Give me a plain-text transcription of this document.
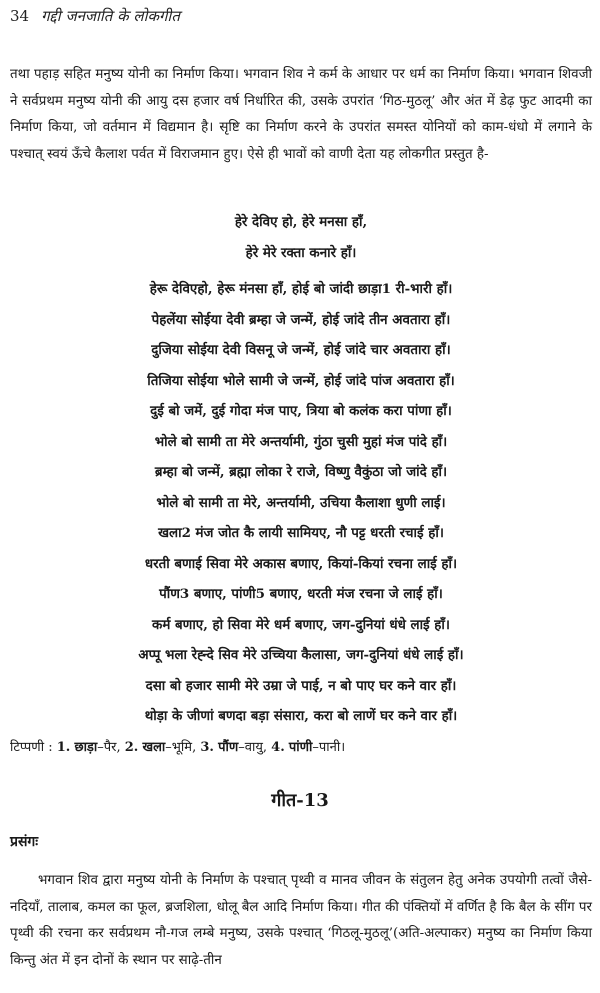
34 गद्दी जनजाति के लोकगीत
तथा पहाड़ सहित मनुष्य योनी का निर्माण किया। भगवान शिव ने कर्म के आधार पर धर्म का निर्माण किया। भगवान शिवजी ने सर्वप्रथम मनुष्य योनी की आयु दस हजार वर्ष निर्धारित की, उसके उपरांत ‘गिठ-मुठलू’ और अंत में डेढ़ फुट आदमी का निर्माण किया, जो वर्तमान में विद्यमान है। सृष्टि का निर्माण करने के उपरांत समस्त योनियों को काम-धंधो में लगाने के पश्चात् स्वयं ऊँचे कैलाश पर्वत में विराजमान हुए। ऐसे ही भावों को वाणी देता यह लोकगीत प्रस्तुत है-
हेरे देविए हो, हेरे मनसा हाँ,
हेरे मेरे रक्ता कनारे हाँ।
हेरू देविएहो, हेरू मंनसा हाँ, होई बो जांदी छाड़ा1 री-भारी हाँ।
पेहलेंया सोईया देवी ब्रम्हा जे जन्में, होई जांदे तीन अवतारा हाँ।
दुजिया सोईया देवी विसनू जे जन्में, होई जांदे चार अवतारा हाँ।
तिजिया सोईया भोले सामी जे जन्में, होई जांदे पांज अवतारा हाँ।
दुई बो जमें, दुई गोदा मंज पाए, त्रिया बो कलंक करा पांणा हाँ।
भोले बो सामी ता मेरे अन्तर्यामी, गुंठा चुसी मुहां मंज पांदे हाँ।
ब्रम्हा बो जन्में, ब्रह्मा लोका रे राजे, विष्णु वैकुंठा जो जांदे हाँ।
भोले बो सामी ता मेरे, अन्तर्यामी, उचिया कैलाशा धुणी लाई।
खला2 मंज जोत कै लायी सामियए, नौ पट्ट धरती रचाई हाँ।
धरती बणाई सिवा मेरे अकास बणाए, कियां-कियां रचना लाई हाँ।
पौंण3 बणाए, पांणी5 बणाए, धरती मंज रचना जे लाई हाँ।
कर्म बणाए, हो सिवा मेरे धर्म बणाए, जग-दुनियां धंधे लाई हाँ।
अप्पू भला रेह्न्दे सिव मेरे उच्चिया कैलासा, जग-दुनियां धंधे लाई हाँ।
दसा बो हजार सामी मेरे उम्रा जे पाई, न बो पाए घर कने वार हाँ।
थोड़ा के जीणां बणदा बड़ा संसारा, करा बो लाणें घर कने वार हाँ।
टिप्पणी : 1. छाड़ा–पैर, 2. खला–भूमि, 3. पौंण–वायु, 4. पांणी–पानी।
गीत-13
प्रसंगः
भगवान शिव द्वारा मनुष्य योनी के निर्माण के पश्चात् पृथ्वी व मानव जीवन के संतुलन हेतु अनेक उपयोगी तत्वों जैसे-नदियाँ, तालाब, कमल का फूल, ब्रजशिला, धोलू बैल आदि निर्माण किया। गीत की पंक्तियों में वर्णित है कि बैल के सींग पर पृथ्वी की रचना कर सर्वप्रथम नौ-गज लम्बे मनुष्य, उसके पश्चात् ‘गिठलू-मुठलू’(अति-अल्पाकर) मनुष्य का निर्माण किया किन्तु अंत में इन दोनों के स्थान पर साढ़े-तीन
